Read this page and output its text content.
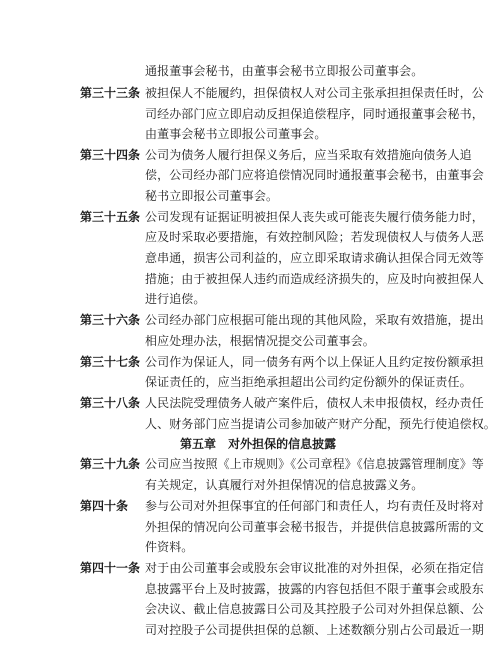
通报董事会秘书，由董事会秘书立即报公司董事会。
第三十三条 被担保人不能履约，担保债权人对公司主张承担担保责任时，公
司经办部门应立即启动反担保追偿程序，同时通报董事会秘书，
由董事会秘书立即报公司董事会。
第三十四条 公司为债务人履行担保义务后，应当采取有效措施向债务人追
偿，公司经办部门应将追偿情况同时通报董事会秘书，由董事会
秘书立即报公司董事会。
第三十五条 公司发现有证据证明被担保人丧失或可能丧失履行债务能力时，
应及时采取必要措施，有效控制风险；若发现债权人与债务人恶
意串通，损害公司利益的，应立即采取请求确认担保合同无效等
措施；由于被担保人违约而造成经济损失的，应及时向被担保人
进行追偿。
第三十六条 公司经办部门应根据可能出现的其他风险，采取有效措施，提出
相应处理办法，根据情况提交公司董事会。
第三十七条 公司作为保证人，同一债务有两个以上保证人且约定按份额承担
保证责任的，应当拒绝承担超出公司约定份额外的保证责任。
第三十八条 人民法院受理债务人破产案件后，债权人未申报债权，经办责任
人、财务部门应当提请公司参加破产财产分配，预先行使追偿权。
第五章 对外担保的信息披露
第三十九条 公司应当按照《上市规则》《公司章程》《信息披露管理制度》等
有关规定，认真履行对外担保情况的信息披露义务。
第四十条 参与公司对外担保事宜的任何部门和责任人，均有责任及时将对
外担保的情况向公司董事会秘书报告，并提供信息披露所需的文
件资料。
第四十一条 对于由公司董事会或股东会审议批准的对外担保，必须在指定信
息披露平台上及时披露，披露的内容包括但不限于董事会或股东
会决议、截止信息披露日公司及其控股子公司对外担保总额、公
司对控股子公司提供担保的总额、上述数额分别占公司最近一期
